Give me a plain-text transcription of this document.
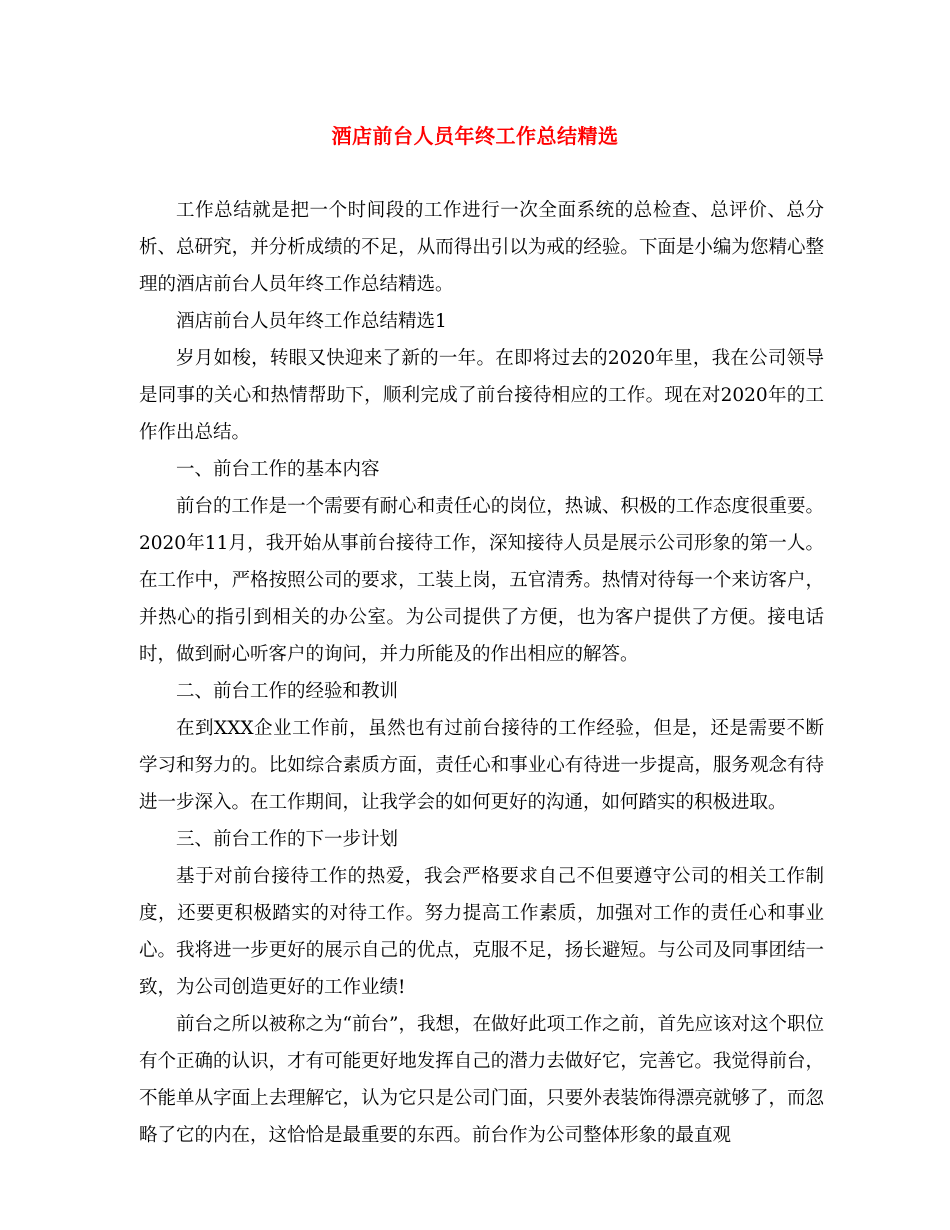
酒店前台人员年终工作总结精选

工作总结就是把一个时间段的工作进行一次全面系统的总检查、总评价、总分析、总研究，并分析成绩的不足，从而得出引以为戒的经验。下面是小编为您精心整理的酒店前台人员年终工作总结精选。

酒店前台人员年终工作总结精选1

岁月如梭，转眼又快迎来了新的一年。在即将过去的2020年里，我在公司领导是同事的关心和热情帮助下，顺利完成了前台接待相应的工作。现在对2020年的工作作出总结。

一、前台工作的基本内容

前台的工作是一个需要有耐心和责任心的岗位，热诚、积极的工作态度很重要。2020年11月，我开始从事前台接待工作，深知接待人员是展示公司形象的第一人。在工作中，严格按照公司的要求，工装上岗，五官清秀。热情对待每一个来访客户，并热心的指引到相关的办公室。为公司提供了方便，也为客户提供了方便。接电话时，做到耐心听客户的询问，并力所能及的作出相应的解答。

二、前台工作的经验和教训

在到XXX企业工作前，虽然也有过前台接待的工作经验，但是，还是需要不断学习和努力的。比如综合素质方面，责任心和事业心有待进一步提高，服务观念有待进一步深入。在工作期间，让我学会的如何更好的沟通，如何踏实的积极进取。

三、前台工作的下一步计划

基于对前台接待工作的热爱，我会严格要求自己不但要遵守公司的相关工作制度，还要更积极踏实的对待工作。努力提高工作素质，加强对工作的责任心和事业心。我将进一步更好的展示自己的优点，克服不足，扬长避短。与公司及同事团结一致，为公司创造更好的工作业绩!

前台之所以被称之为“前台”，我想，在做好此项工作之前，首先应该对这个职位有个正确的认识，才有可能更好地发挥自己的潜力去做好它，完善它。我觉得前台，不能单从字面上去理解它，认为它只是公司门面，只要外表装饰得漂亮就够了，而忽略了它的内在，这恰恰是最重要的东西。前台作为公司整体形象的最直观
